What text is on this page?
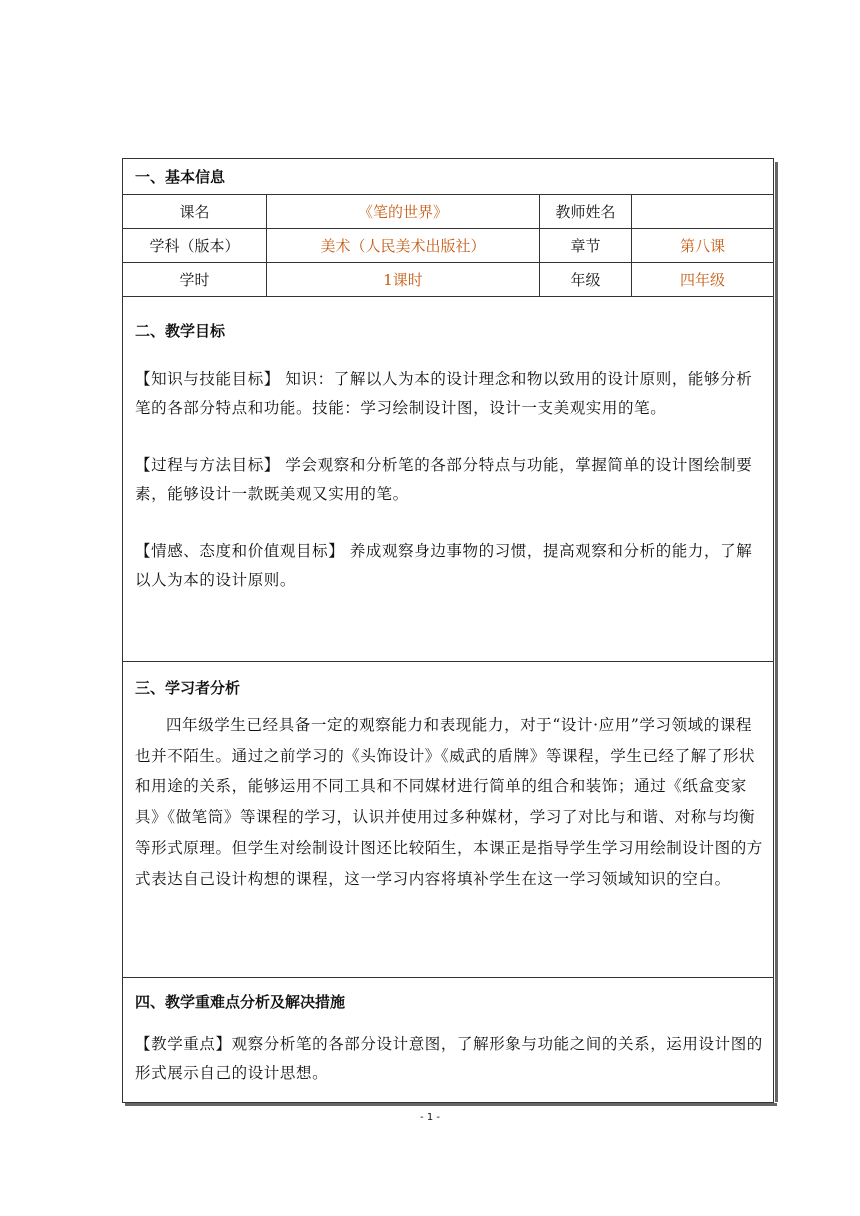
一、基本信息
课名	《笔的世界》	教师姓名
学科（版本）	美术（人民美术出版社）	章节	第八课
学时	1课时	年级	四年级
二、教学目标
【知识与技能目标】 知识：了解以人为本的设计理念和物以致用的设计原则，能够分析笔的各部分特点和功能。技能：学习绘制设计图，设计一支美观实用的笔。
【过程与方法目标】 学会观察和分析笔的各部分特点与功能，掌握简单的设计图绘制要素，能够设计一款既美观又实用的笔。
【情感、态度和价值观目标】 养成观察身边事物的习惯，提高观察和分析的能力，了解以人为本的设计原则。
三、学习者分析
四年级学生已经具备一定的观察能力和表现能力，对于“设计·应用”学习领域的课程也并不陌生。通过之前学习的《头饰设计》《威武的盾牌》等课程，学生已经了解了形状和用途的关系，能够运用不同工具和不同媒材进行简单的组合和装饰；通过《纸盒变家具》《做笔筒》等课程的学习，认识并使用过多种媒材，学习了对比与和谐、对称与均衡等形式原理。但学生对绘制设计图还比较陌生，本课正是指导学生学习用绘制设计图的方式表达自己设计构想的课程，这一学习内容将填补学生在这一学习领域知识的空白。
四、教学重难点分析及解决措施
【教学重点】观察分析笔的各部分设计意图，了解形象与功能之间的关系，运用设计图的形式展示自己的设计思想。
- 1 -
